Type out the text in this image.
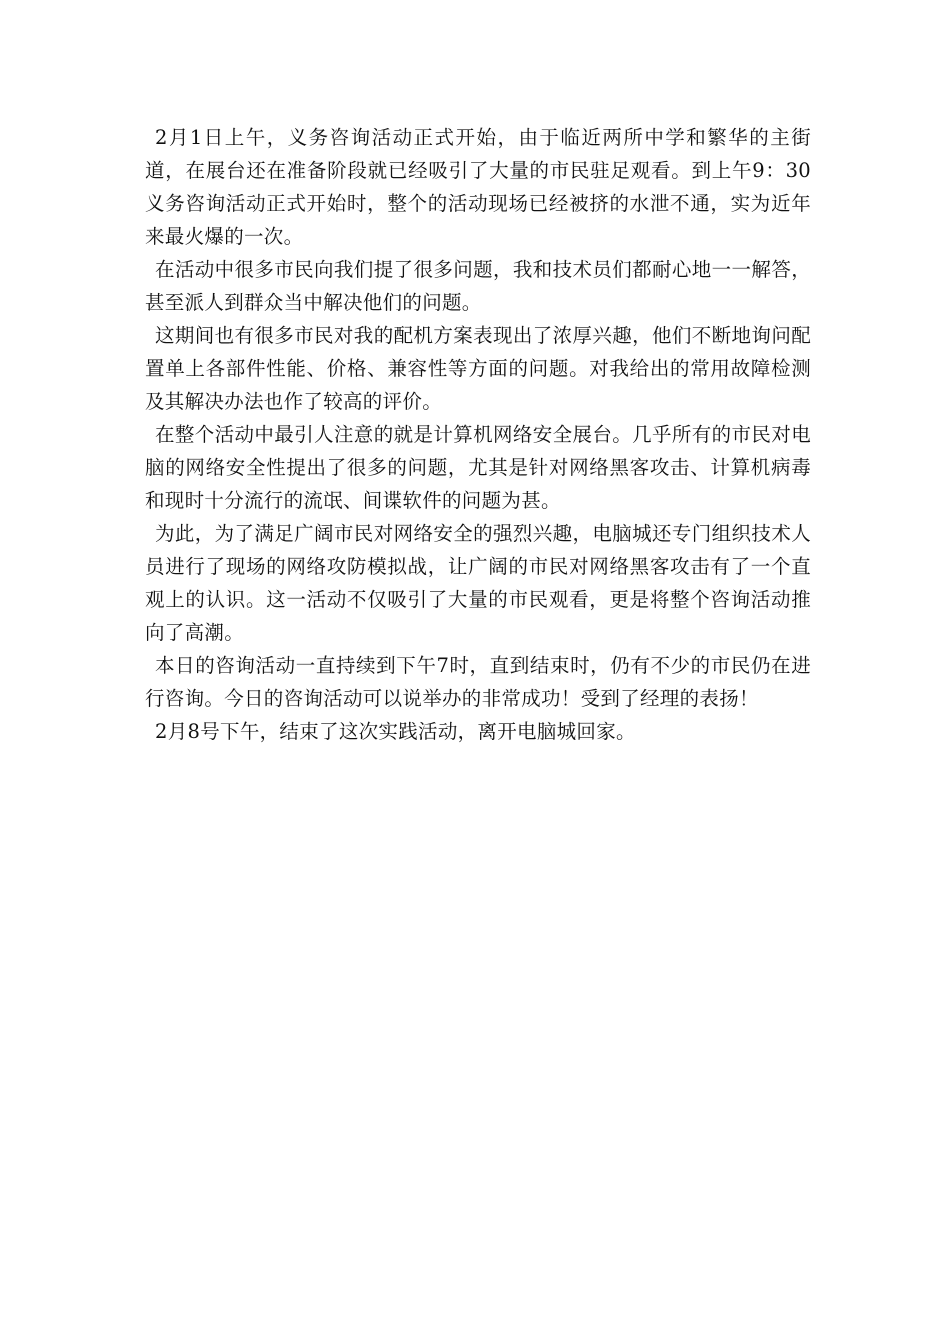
2月1日上午，义务咨询活动正式开始，由于临近两所中学和繁华的主街道，在展台还在准备阶段就已经吸引了大量的市民驻足观看。到上午9：30义务咨询活动正式开始时，整个的活动现场已经被挤的水泄不通，实为近年来最火爆的一次。

在活动中很多市民向我们提了很多问题，我和技术员们都耐心地一一解答，甚至派人到群众当中解决他们的问题。

这期间也有很多市民对我的配机方案表现出了浓厚兴趣，他们不断地询问配置单上各部件性能、价格、兼容性等方面的问题。对我给出的常用故障检测及其解决办法也作了较高的评价。

在整个活动中最引人注意的就是计算机网络安全展台。几乎所有的市民对电脑的网络安全性提出了很多的问题，尤其是针对网络黑客攻击、计算机病毒和现时十分流行的流氓、间谍软件的问题为甚。

为此，为了满足广阔市民对网络安全的强烈兴趣，电脑城还专门组织技术人员进行了现场的网络攻防模拟战，让广阔的市民对网络黑客攻击有了一个直观上的认识。这一活动不仅吸引了大量的市民观看，更是将整个咨询活动推向了高潮。

本日的咨询活动一直持续到下午7时，直到结束时，仍有不少的市民仍在进行咨询。今日的咨询活动可以说举办的非常成功！受到了经理的表扬！

2月8号下午，结束了这次实践活动，离开电脑城回家。
